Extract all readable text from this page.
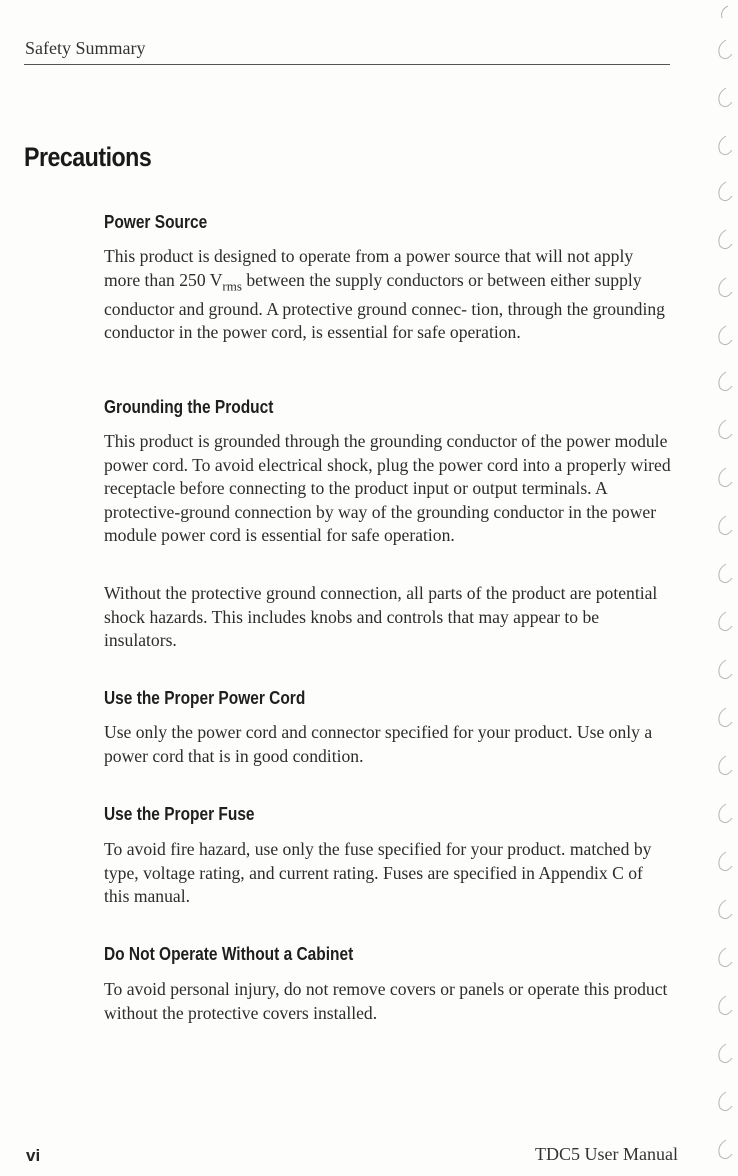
Safety Summary
Precautions
Power Source

This product is designed to operate from a power source that will not apply more than 250 $V_{rms}$ between the supply conductors or between either supply conductor and ground. A protective ground connec- tion, through the grounding conductor in the power cord, is essential for safe operation.

Grounding the Product

This product is grounded through the grounding conductor of the power module power cord. To avoid electrical shock, plug the power cord into a properly wired receptacle before connecting to the product input or output terminals. A protective-ground connection by way of the grounding conductor in the power module power cord is essential for safe operation.

Without the protective ground connection, all parts of the product are potential shock hazards. This includes knobs and controls that may appear to be insulators.

Use the Proper Power Cord

Use only the power cord and connector specified for your product. Use only a power cord that is in good condition.

Use the Proper Fuse

To avoid fire hazard, use only the fuse specified for your product. matched by type, voltage rating, and current rating. Fuses are specified in Appendix C of this manual.

Do Not Operate Without a Cabinet

To avoid personal injury, do not remove covers or panels or operate this product without the protective covers installed.

vi	TDC5 User Manual
